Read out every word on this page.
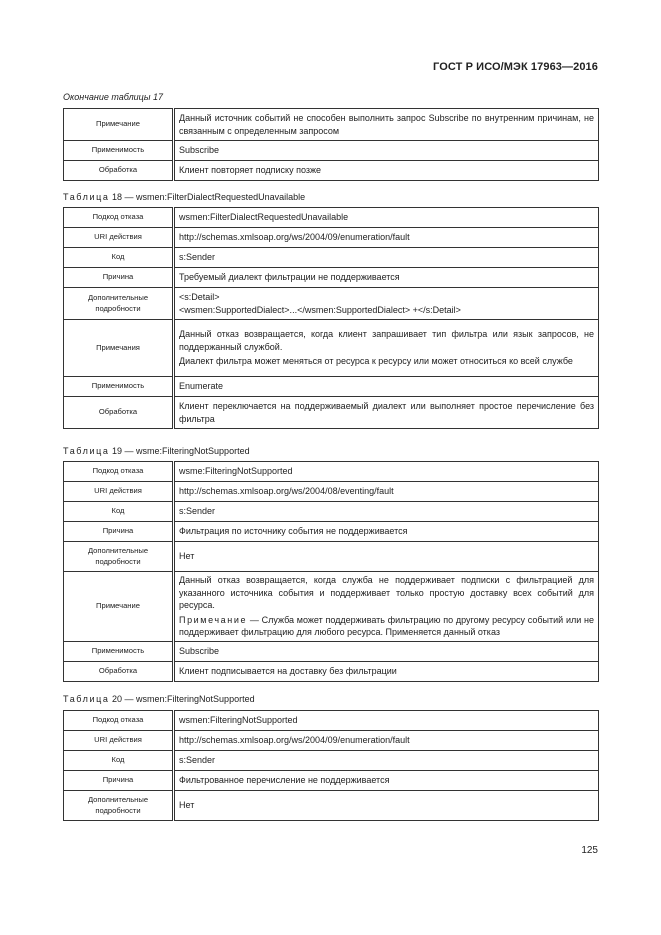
ГОСТ Р ИСО/МЭК 17963—2016
Окончание таблицы 17
Примечание	Данный источник событий не способен выполнить запрос Subscribe по внутренним причинам, не связанным с определенным запросом
Применимость	Subscribe
Обработка	Клиент повторяет подписку позже
Таблица 18 — wsmen:FilterDialectRequestedUnavailable
Подкод отказа	wsmen:FilterDialectRequestedUnavailable
URI действия	http://schemas.xmlsoap.org/ws/2004/09/enumeration/fault
Код	s:Sender
Причина	Требуемый диалект фильтрации не поддерживается
Дополнительные подробности	<s:Detail>

<wsmen:SupportedDialect>...</wsmen:SupportedDialect> +</s:Detail>

Примечания	Данный отказ возвращается, когда клиент запрашивает тип фильтра или язык запросов, не поддержанный службой.

Диалект фильтра может меняться от ресурса к ресурсу или может относиться ко всей службе

Применимость	Enumerate
Обработка	Клиент переключается на поддерживаемый диалект или выполняет простое перечисление без фильтра
Таблица 19 — wsme:FilteringNotSupported
Подкод отказа	wsme:FilteringNotSupported
URI действия	http://schemas.xmlsoap.org/ws/2004/08/eventing/fault
Код	s:Sender
Причина	Фильтрация по источнику события не поддерживается
Дополнительные подробности	Нет
Примечание	Данный отказ возвращается, когда служба не поддерживает подписки с фильтрацией для указанного источника события и поддерживает только простую доставку всех событий для ресурса.

Примечание — Служба может поддерживать фильтрацию по другому ресурсу событий или не поддерживает фильтрацию для любого ресурса. Применяется данный отказ

Применимость	Subscribe
Обработка	Клиент подписывается на доставку без фильтрации
Таблица 20 — wsmen:FilteringNotSupported
Подкод отказа	wsmen:FilteringNotSupported
URI действия	http://schemas.xmlsoap.org/ws/2004/09/enumeration/fault
Код	s:Sender
Причина	Фильтрованное перечисление не поддерживается
Дополнительные подробности	Нет
125
